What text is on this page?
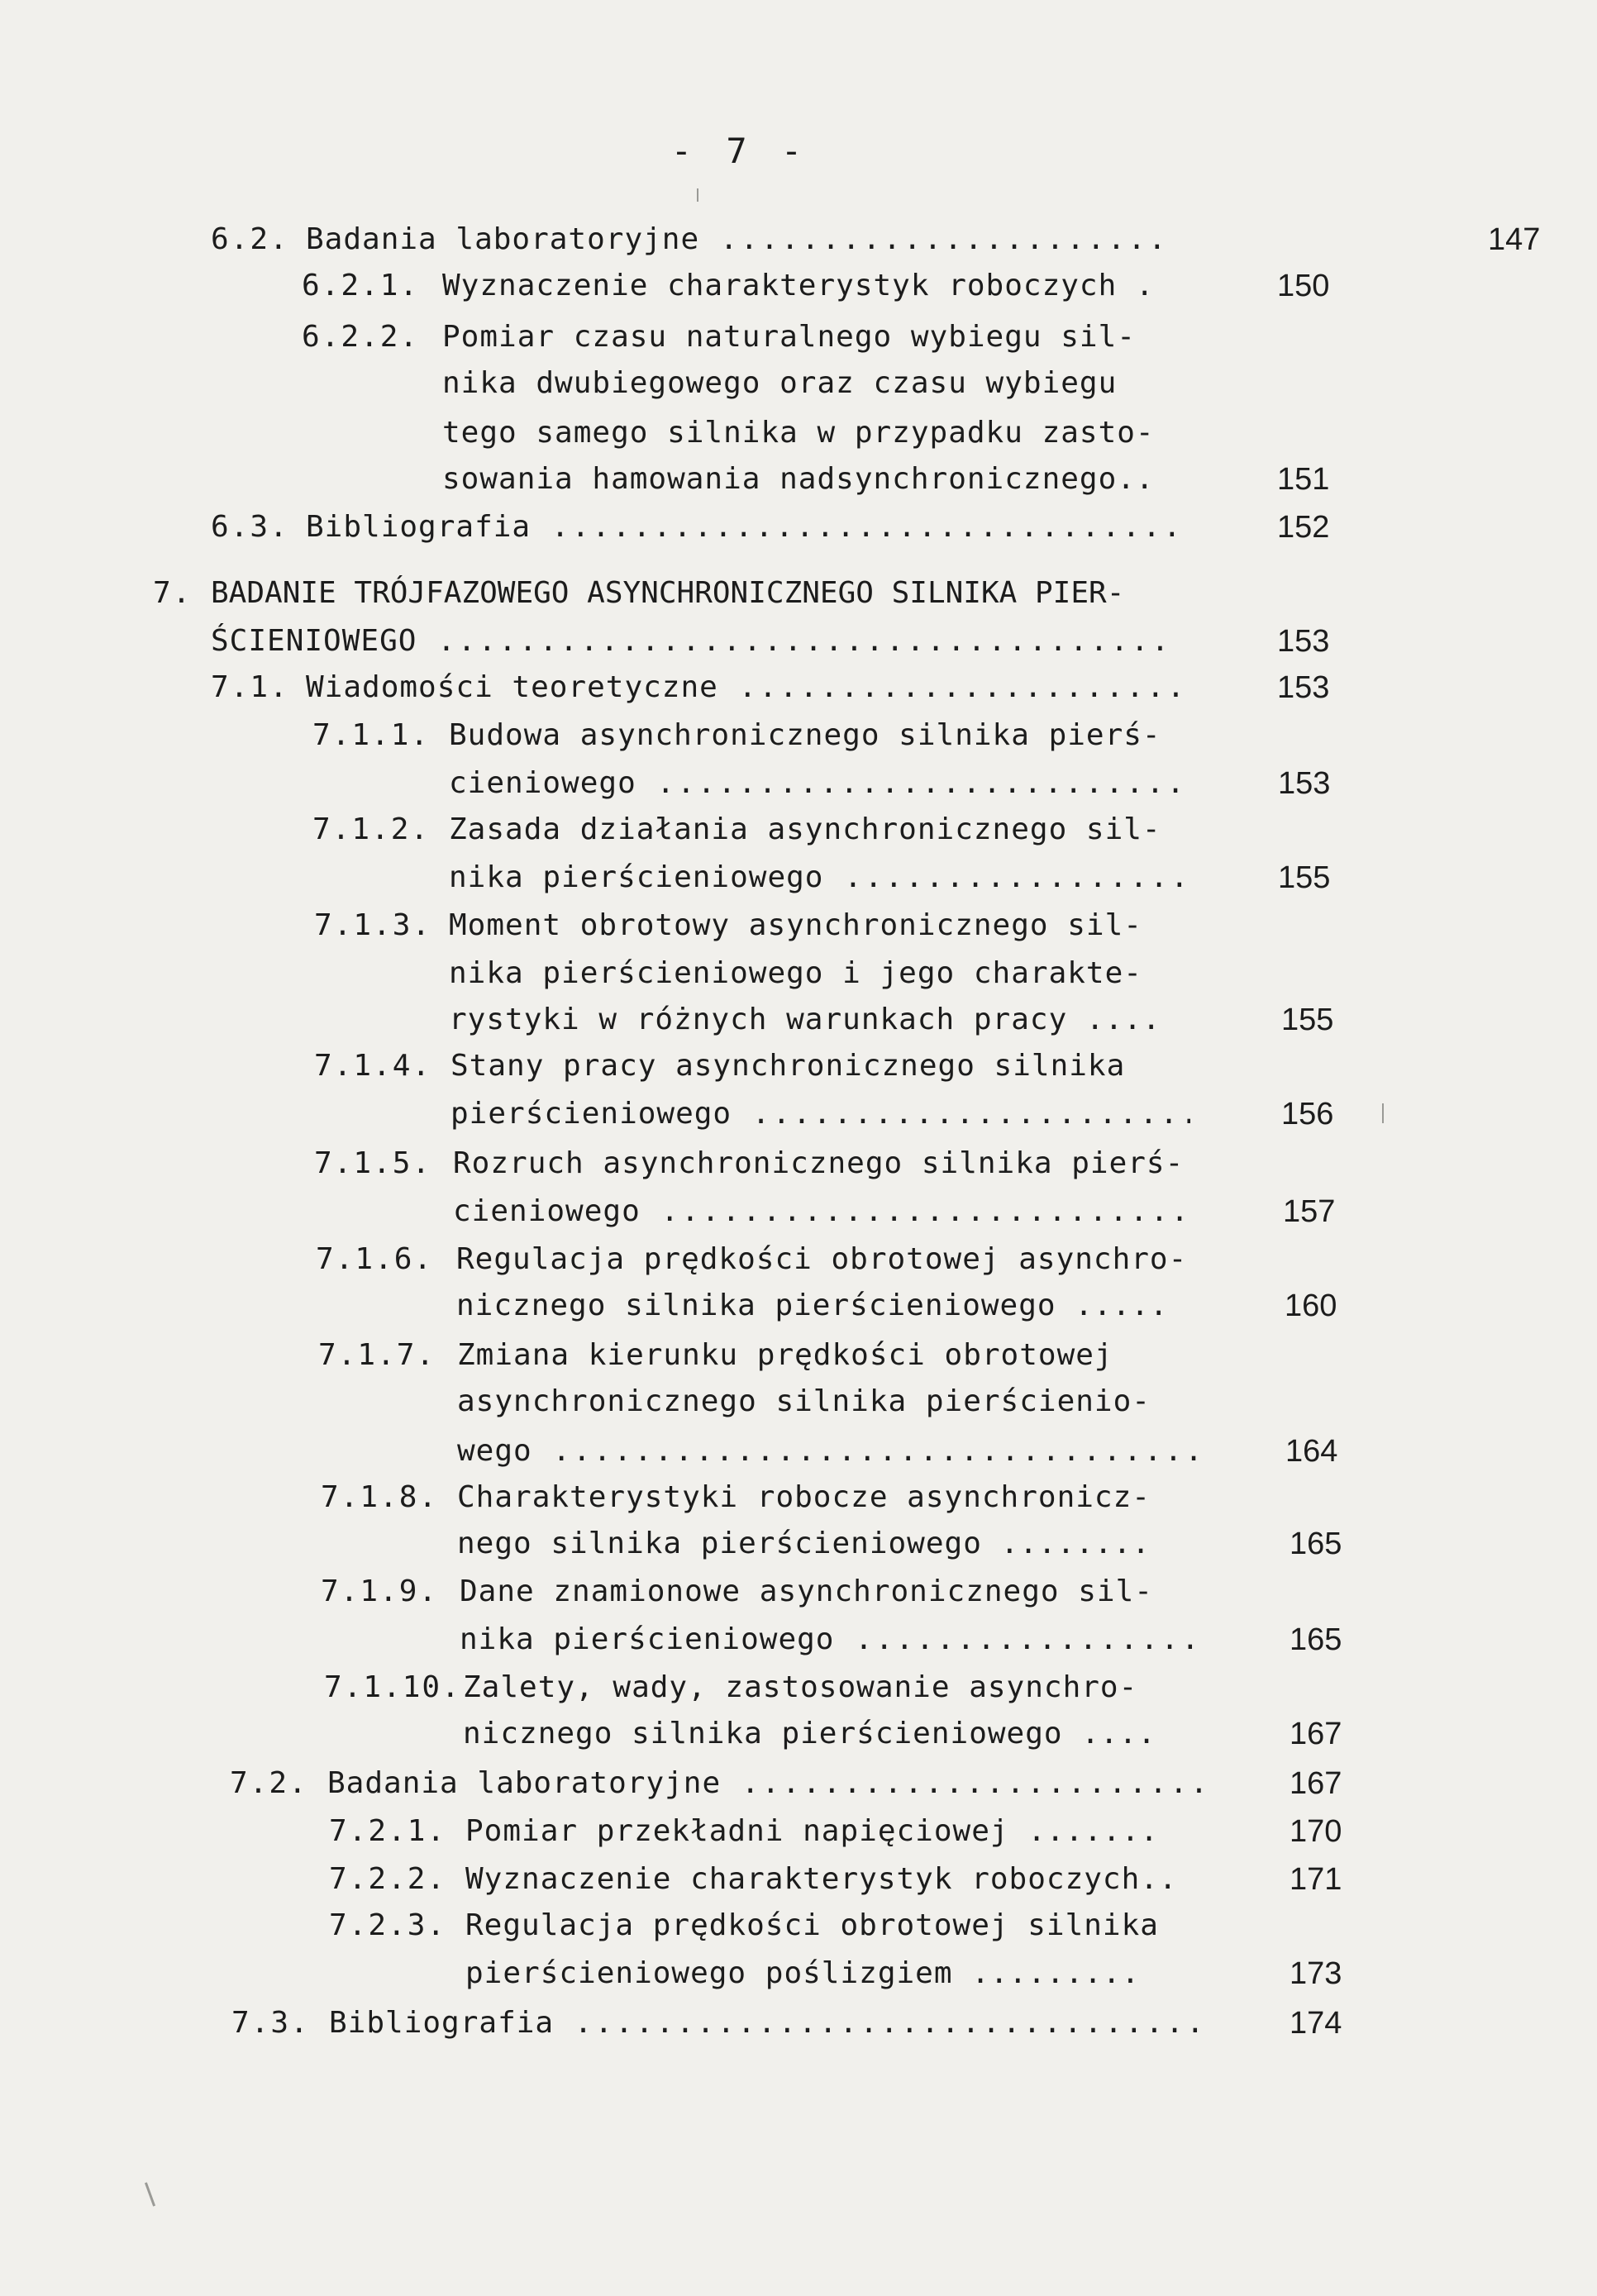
- 7 -
6.2. Badania laboratoryjne .....	147
6.2.1. Wyznaczenie charakterystyk roboczych .	150
6.2.2. Pomiar czasu naturalnego wybiegu sil-
nika dwubiegowego oraz czasu wybiegu
tego samego silnika w przypadku zasto-
sowania hamowania nadsynchronicznego..	151
6.3. Bibliografia .....	152
7. BADANIE TRÓJFAZOWEGO ASYNCHRONICZNEGO SILNIKA PIER-
ŚCIENIOWEGO .....	153
7.1. Wiadomości teoretyczne .....	153
7.1.1. Budowa asynchronicznego silnika pierś-
cieniowego .....	153
7.1.2. Zasada działania asynchronicznego sil-
nika pierścieniowego .....	155
7.1.3. Moment obrotowy asynchronicznego sil-
nika pierścieniowego i jego charakte-
rystyki w różnych warunkach pracy ....	155
7.1.4. Stany pracy asynchronicznego silnika
pierścieniowego .....	156
7.1.5. Rozruch asynchronicznego silnika pierś-
cieniowego .....	157
7.1.6. Regulacja prędkości obrotowej asynchro-
nicznego silnika pierścieniowego .....	160
7.1.7. Zmiana kierunku prędkości obrotowej
asynchronicznego silnika pierścienio-
wego .....	164
7.1.8. Charakterystyki robocze asynchronicz-
nego silnika pierścieniowego ........	165
7.1.9. Dane znamionowe asynchronicznego sil-
nika pierścieniowego .....	165
7.1.10. Zalety, wady, zastosowanie asynchro-
nicznego silnika pierścieniowego ....	167
7.2. Badania laboratoryjne .....	167
7.2.1. Pomiar przekładni napięciowej .......	170
7.2.2. Wyznaczenie charakterystyk roboczych..	171
7.2.3. Regulacja prędkości obrotowej silnika
pierścieniowego poślizgiem .........	173
7.3. Bibliografia .....	174
